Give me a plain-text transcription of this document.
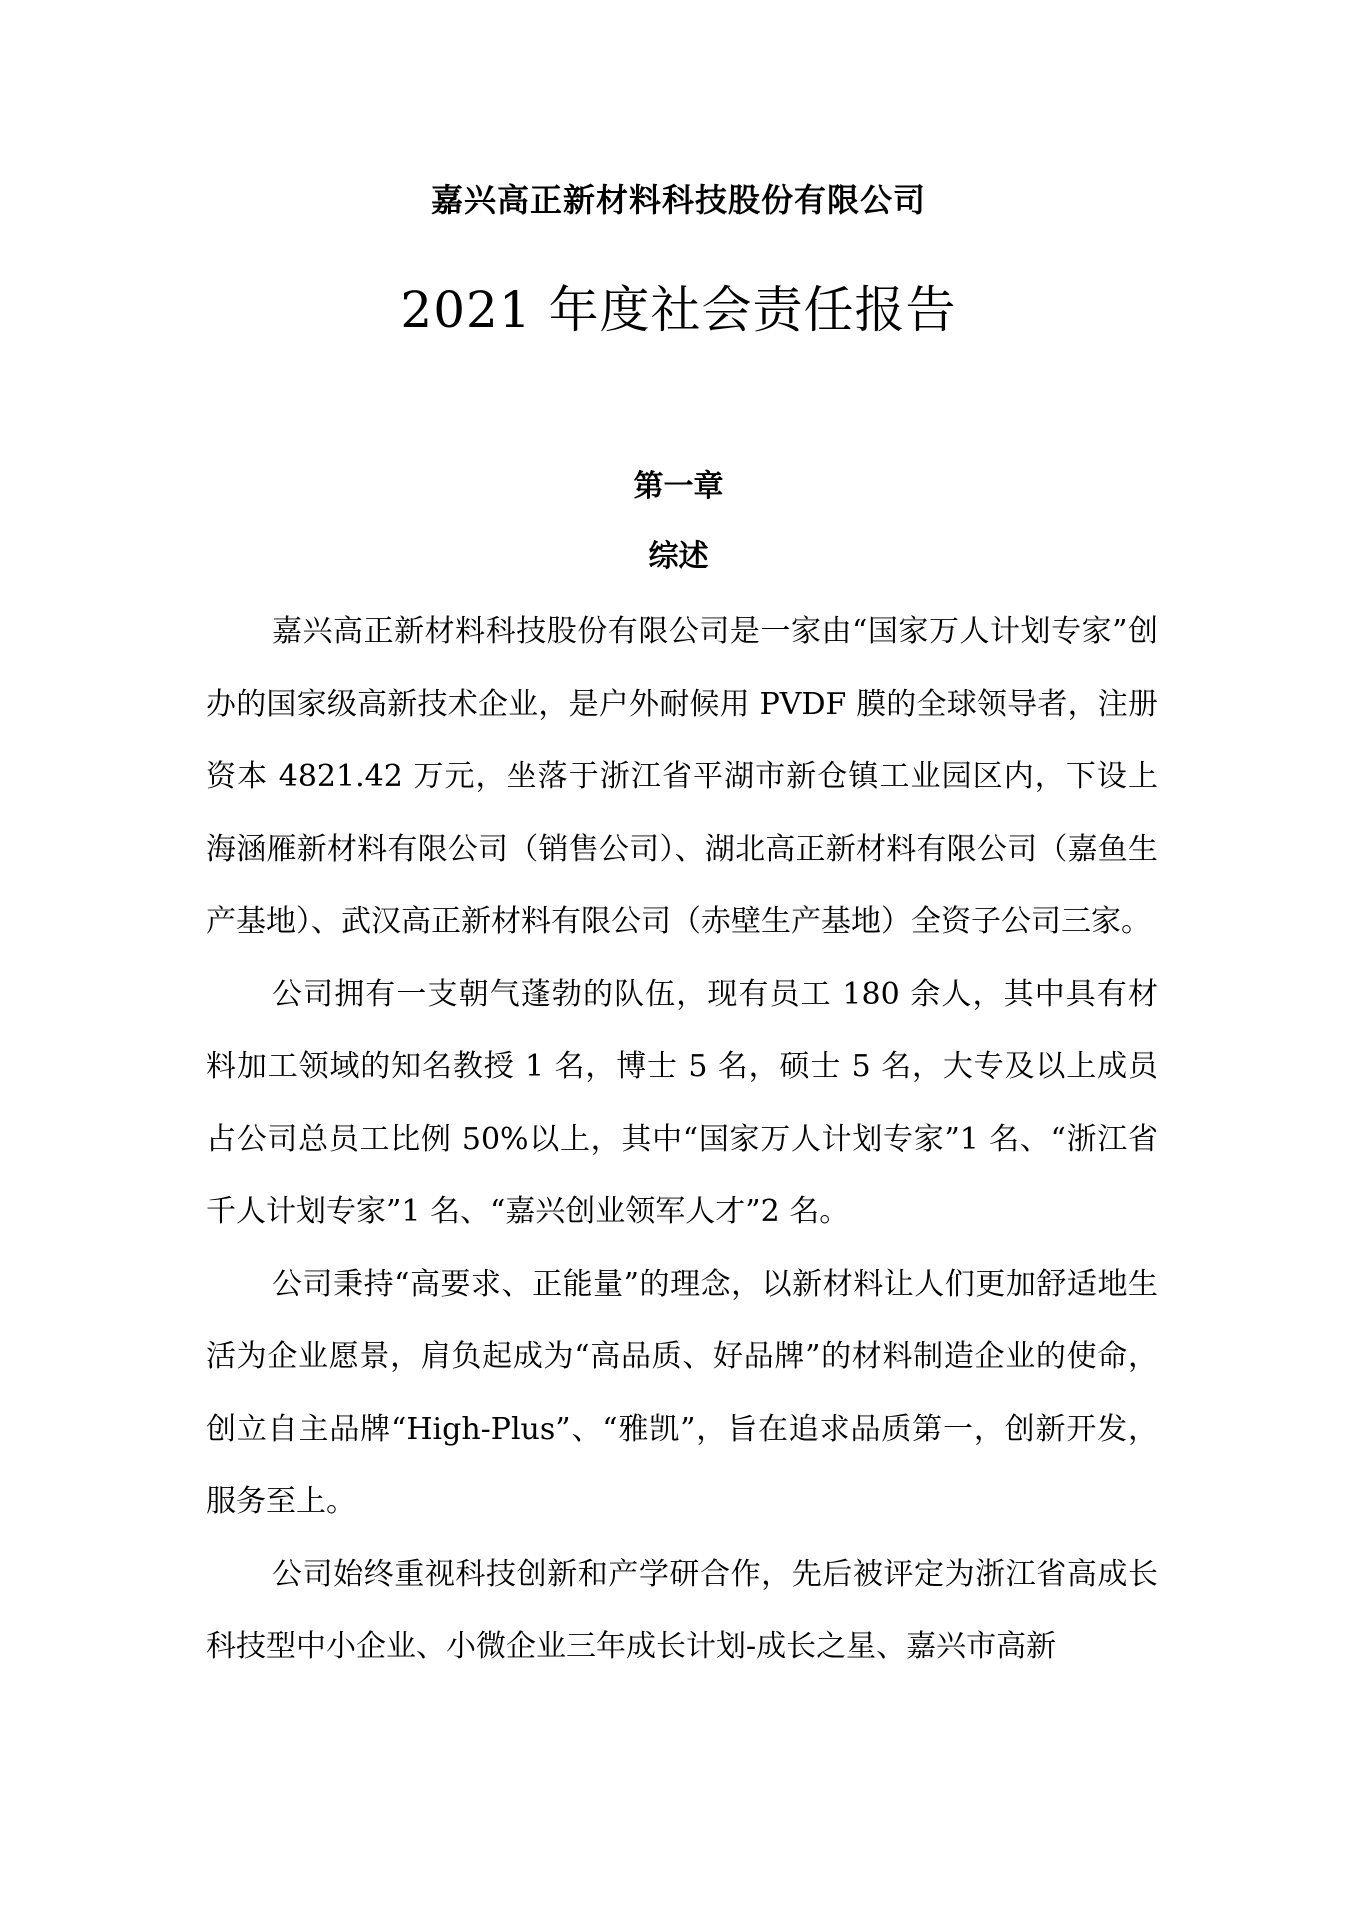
嘉兴高正新材料科技股份有限公司
2021 年度社会责任报告
第一章
综述

嘉兴高正新材料科技股份有限公司是一家由“国家万人计划专家”创办的国家级高新技术企业，是户外耐候用 PVDF 膜的全球领导者，注册资本 4821.42 万元，坐落于浙江省平湖市新仓镇工业园区内，下设上海涵雁新材料有限公司（销售公司）、湖北高正新材料有限公司（嘉鱼生产基地）、武汉高正新材料有限公司（赤壁生产基地）全资子公司三家。

公司拥有一支朝气蓬勃的队伍，现有员工 180 余人，其中具有材料加工领域的知名教授 1 名，博士 5 名，硕士 5 名，大专及以上成员占公司总员工比例 50%以上，其中“国家万人计划专家”1 名、“浙江省千人计划专家”1 名、“嘉兴创业领军人才”2 名。

公司秉持“高要求、正能量”的理念，以新材料让人们更加舒适地生活为企业愿景，肩负起成为“高品质、好品牌”的材料制造企业的使命，创立自主品牌“High-Plus”、“雅凯”，旨在追求品质第一，创新开发，服务至上。

公司始终重视科技创新和产学研合作，先后被评定为浙江省高成长科技型中小企业、小微企业三年成长计划-成长之星、嘉兴市高新
